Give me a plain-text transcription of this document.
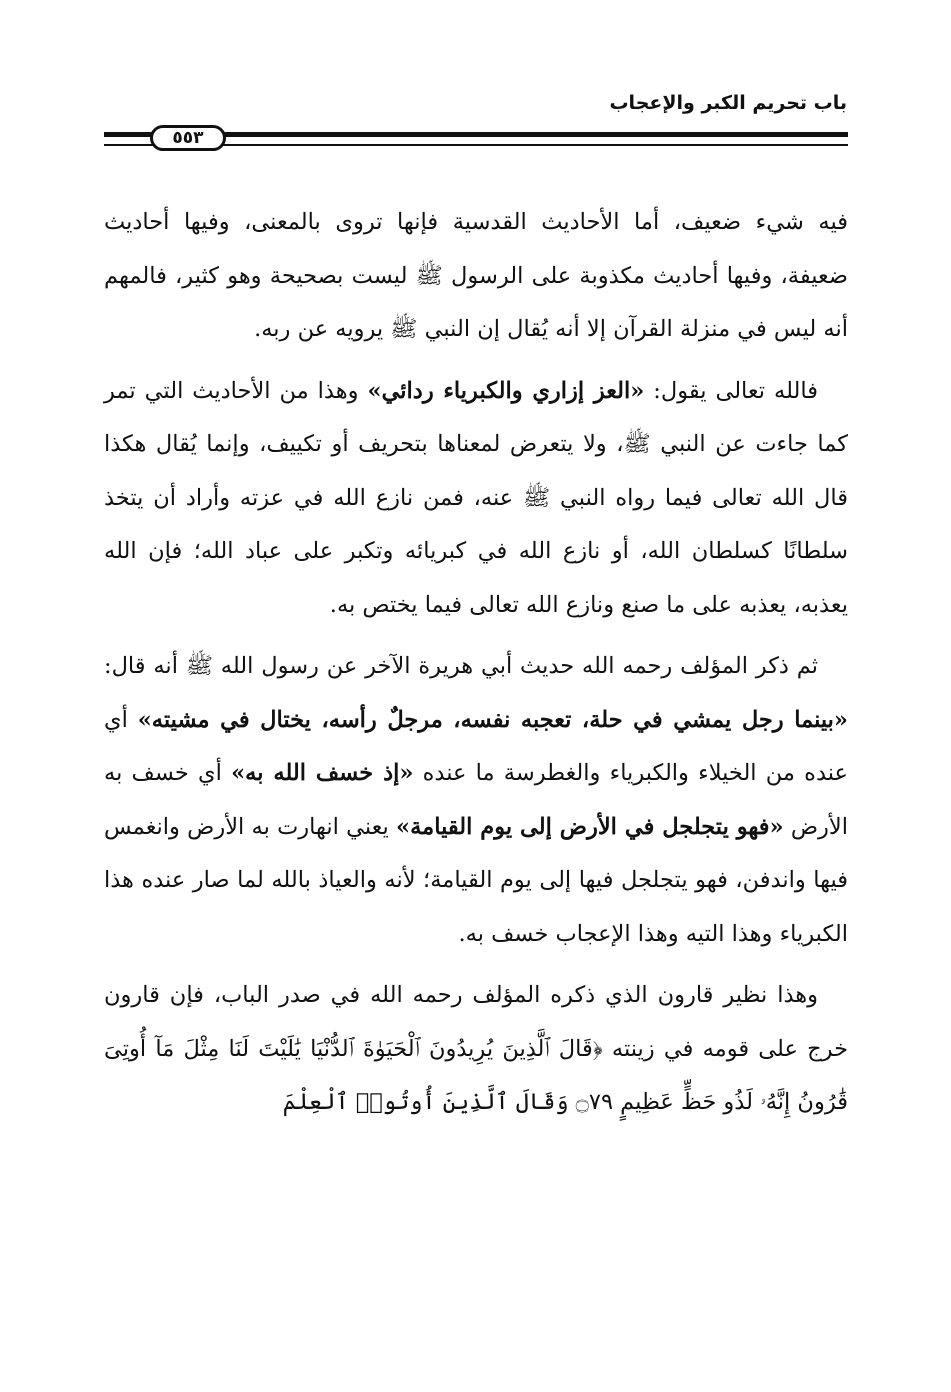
باب تحريم الكبر والإعجاب
٥٥٣

فيه شيء ضعيف، أما الأحاديث القدسية فإنها تروى بالمعنى، وفيها أحاديث ضعيفة، وفيها أحاديث مكذوبة على الرسول ﷺ ليست بصحيحة وهو كثير، فالمهم أنه ليس في منزلة القرآن إلا أنه يُقال إن النبي ﷺ يرويه عن ربه.

فالله تعالى يقول: «العز إزاري والكبرياء ردائي» وهذا من الأحاديث التي تمر كما جاءت عن النبي ﷺ، ولا يتعرض لمعناها بتحريف أو تكييف، وإنما يُقال هكذا قال الله تعالى فيما رواه النبي ﷺ عنه، فمن نازع الله في عزته وأراد أن يتخذ سلطانًا كسلطان الله، أو نازع الله في كبريائه وتكبر على عباد الله؛ فإن الله يعذبه، يعذبه على ما صنع ونازع الله تعالى فيما يختص به.

ثم ذكر المؤلف رحمه الله حديث أبي هريرة الآخر عن رسول الله ﷺ أنه قال: «بينما رجل يمشي في حلة، تعجبه نفسه، مرجلٌ رأسه، يختال في مشيته» أي عنده من الخيلاء والكبرياء والغطرسة ما عنده «إذ خسف الله به» أي خسف به الأرض «فهو يتجلجل في الأرض إلى يوم القيامة» يعني انهارت به الأرض وانغمس فيها واندفن، فهو يتجلجل فيها إلى يوم القيامة؛ لأنه والعياذ بالله لما صار عنده هذا الكبرياء وهذا التيه وهذا الإعجاب خسف به.

وهذا نظير قارون الذي ذكره المؤلف رحمه الله في صدر الباب، فإن قارون خرج على قومه في زينته ﴿قَالَ ٱلَّذِينَ يُرِيدُونَ ٱلْحَيَوٰةَ ٱلدُّنْيَا يَٰلَيْتَ لَنَا مِثْلَ مَآ أُوتِىَ قَٰرُونُ إِنَّهُۥ لَذُو حَظٍّ عَظِيمٍ ۝٧٩ وَقَالَ ٱلَّذِينَ أُوتُوا۟ ٱلْعِلْمَ
